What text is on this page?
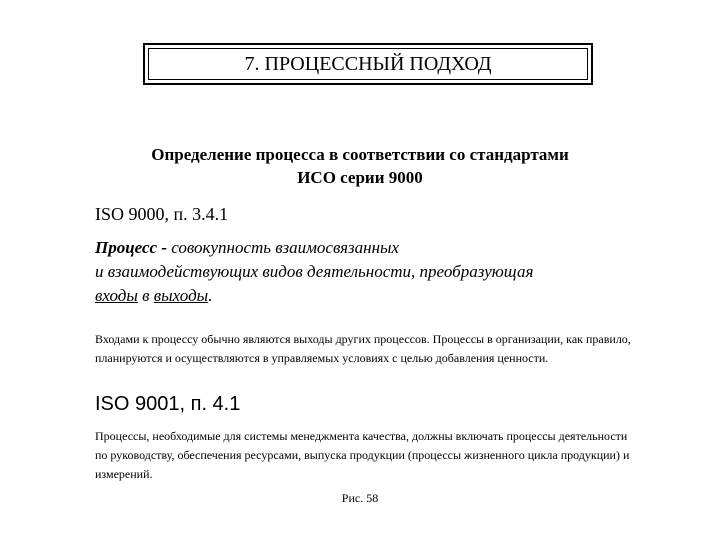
7. ПРОЦЕССНЫЙ ПОДХОД
Определение процесса в соответствии со стандартами
ИСО серии 9000
ISO 9000, п. 3.4.1
Процесс - совокупность взаимосвязанных
и взаимодействующих видов деятельности, преобразующая
входы в выходы.
Входами к процессу обычно являются выходы других процессов. Процессы в организации, как правило, планируются и осуществляются в управляемых условиях с целью добавления ценности.
ISO 9001, п. 4.1
Процессы, необходимые для системы менеджмента качества, должны включать процессы деятельности по руководству, обеспечения ресурсами, выпуска продукции (процессы жизненного цикла продукции) и измерений.
Рис. 58
